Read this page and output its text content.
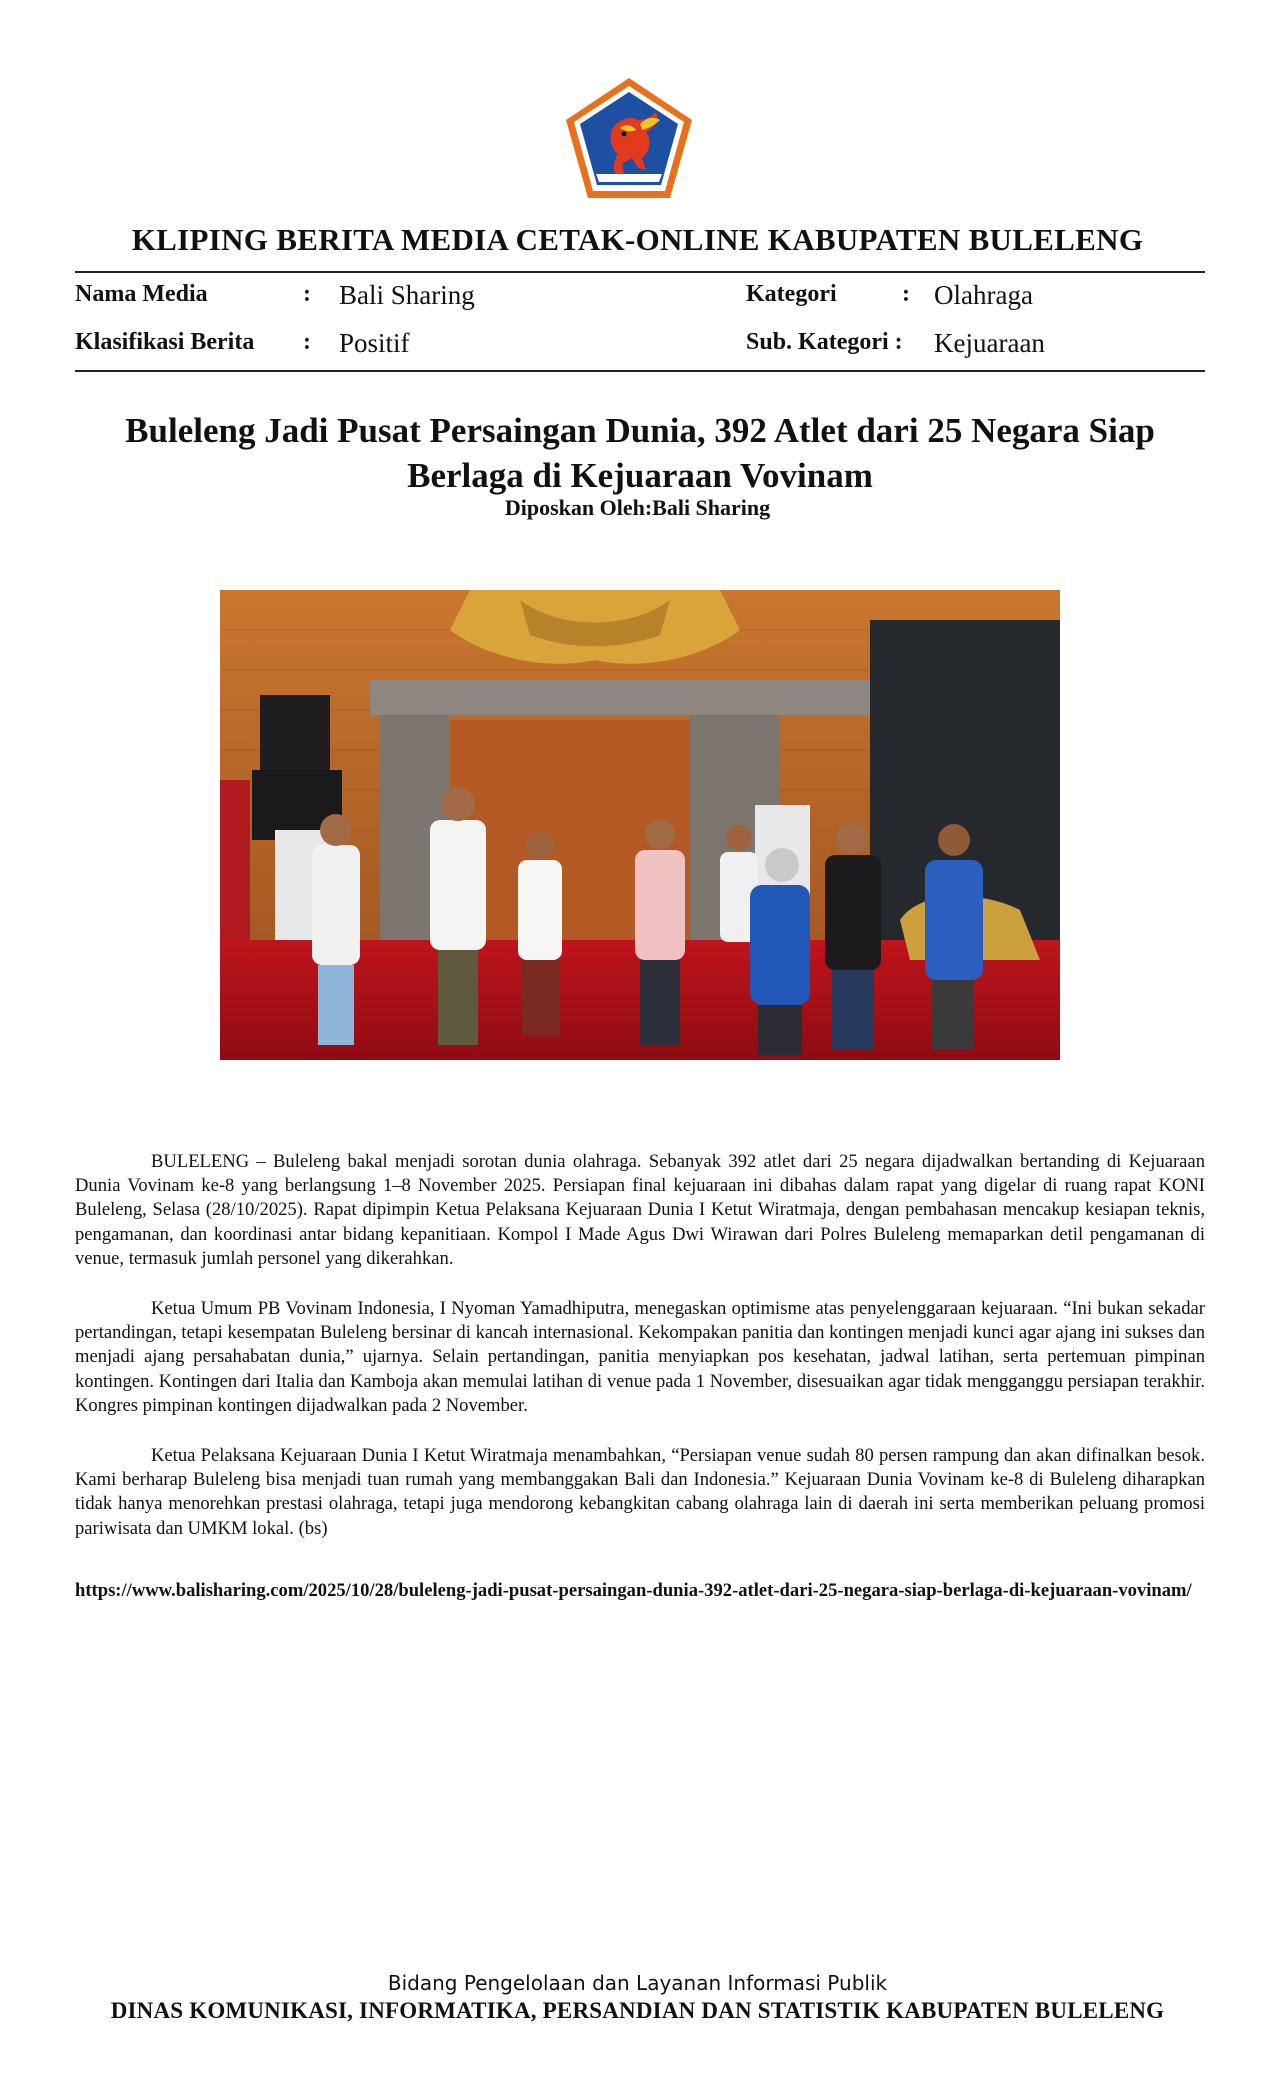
KLIPING BERITA MEDIA CETAK-ONLINE KABUPATEN BULELENG
Nama Media	: Bali Sharing
Klasifikasi Berita : Positif
Kategori	: Olahraga
Sub. Kategori : Kejuaraan
Buleleng Jadi Pusat Persaingan Dunia, 392 Atlet dari 25 Negara Siap Berlaga di Kejuaraan Vovinam
Diposkan Oleh:Bali Sharing

BULELENG – Buleleng bakal menjadi sorotan dunia olahraga. Sebanyak 392 atlet dari 25 negara dijadwalkan bertanding di Kejuaraan Dunia Vovinam ke-8 yang berlangsung 1–8 November 2025. Persiapan final kejuaraan ini dibahas dalam rapat yang digelar di ruang rapat KONI Buleleng, Selasa (28/10/2025). Rapat dipimpin Ketua Pelaksana Kejuaraan Dunia I Ketut Wiratmaja, dengan pembahasan mencakup kesiapan teknis, pengamanan, dan koordinasi antar bidang kepanitiaan. Kompol I Made Agus Dwi Wirawan dari Polres Buleleng memaparkan detil pengamanan di venue, termasuk jumlah personel yang dikerahkan.

Ketua Umum PB Vovinam Indonesia, I Nyoman Yamadhiputra, menegaskan optimisme atas penyelenggaraan kejuaraan. “Ini bukan sekadar pertandingan, tetapi kesempatan Buleleng bersinar di kancah internasional. Kekompakan panitia dan kontingen menjadi kunci agar ajang ini sukses dan menjadi ajang persahabatan dunia,” ujarnya. Selain pertandingan, panitia menyiapkan pos kesehatan, jadwal latihan, serta pertemuan pimpinan kontingen. Kontingen dari Italia dan Kamboja akan memulai latihan di venue pada 1 November, disesuaikan agar tidak mengganggu persiapan terakhir. Kongres pimpinan kontingen dijadwalkan pada 2 November.

Ketua Pelaksana Kejuaraan Dunia I Ketut Wiratmaja menambahkan, “Persiapan venue sudah 80 persen rampung dan akan difinalkan besok. Kami berharap Buleleng bisa menjadi tuan rumah yang membanggakan Bali dan Indonesia.” Kejuaraan Dunia Vovinam ke-8 di Buleleng diharapkan tidak hanya menorehkan prestasi olahraga, tetapi juga mendorong kebangkitan cabang olahraga lain di daerah ini serta memberikan peluang promosi pariwisata dan UMKM lokal. (bs)

https://www.balisharing.com/2025/10/28/buleleng-jadi-pusat-persaingan-dunia-392-atlet-dari-25-negara-siap-berlaga-di-kejuaraan-vovinam/
Bidang Pengelolaan dan Layanan Informasi Publik
DINAS KOMUNIKASI, INFORMATIKA, PERSANDIAN DAN STATISTIK KABUPATEN BULELENG
